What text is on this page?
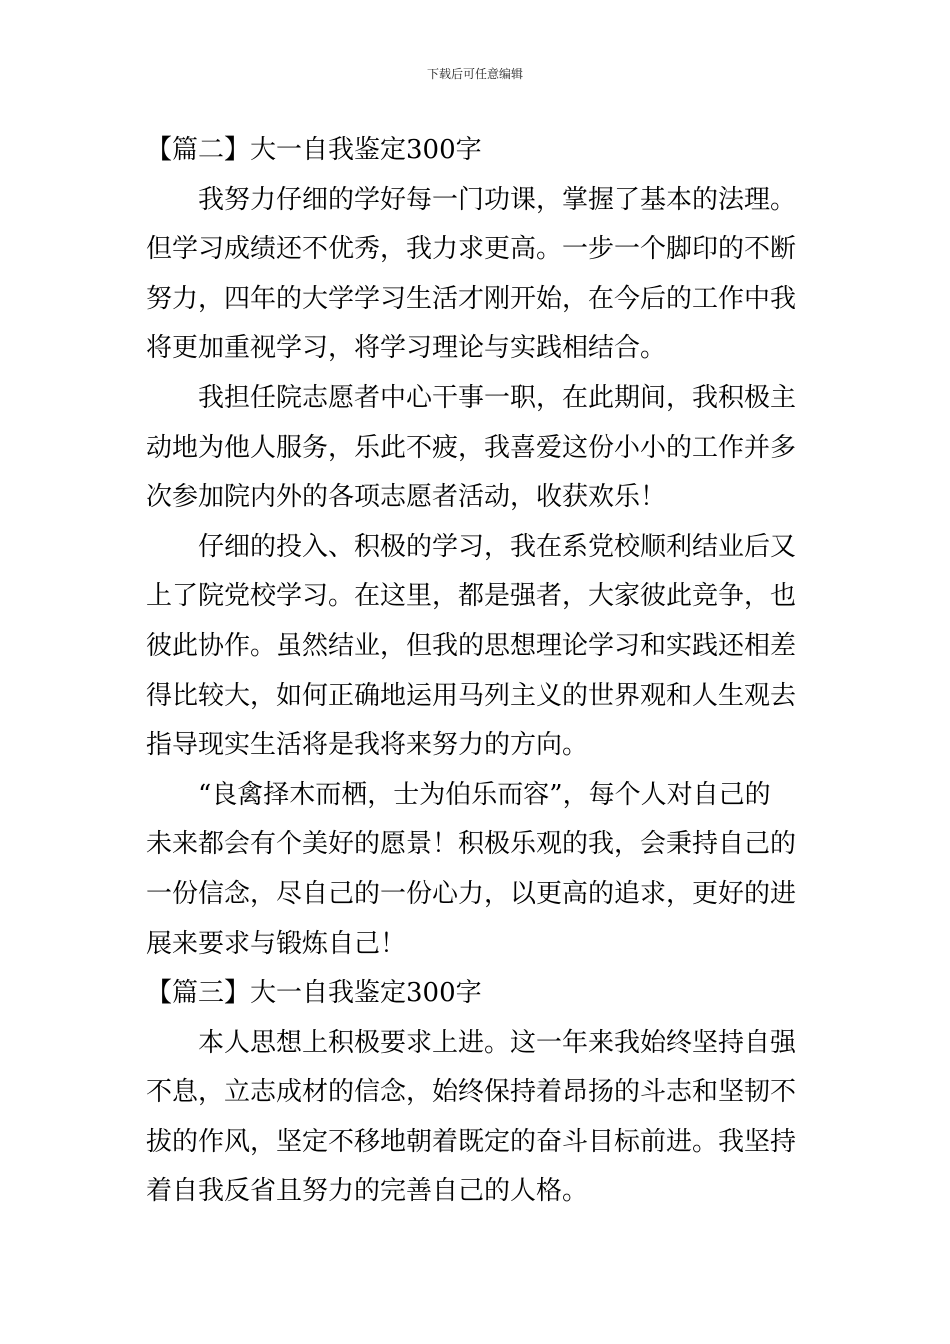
下载后可任意编辑
【篇二】大一自我鉴定300字
我努力仔细的学好每一门功课，掌握了基本的法理。
但学习成绩还不优秀，我力求更高。一步一个脚印的不断
努力，四年的大学学习生活才刚开始，在今后的工作中我
将更加重视学习，将学习理论与实践相结合。
我担任院志愿者中心干事一职，在此期间，我积极主
动地为他人服务，乐此不疲，我喜爱这份小小的工作并多
次参加院内外的各项志愿者活动，收获欢乐！
仔细的投入、积极的学习，我在系党校顺利结业后又
上了院党校学习。在这里，都是强者，大家彼此竞争，也
彼此协作。虽然结业，但我的思想理论学习和实践还相差
得比较大，如何正确地运用马列主义的世界观和人生观去
指导现实生活将是我将来努力的方向。
“良禽择木而栖，士为伯乐而容”，每个人对自己的
未来都会有个美好的愿景！积极乐观的我，会秉持自己的
一份信念，尽自己的一份心力，以更高的追求，更好的进
展来要求与锻炼自己！
【篇三】大一自我鉴定300字
本人思想上积极要求上进。这一年来我始终坚持自强
不息，立志成材的信念，始终保持着昂扬的斗志和坚韧不
拔的作风，坚定不移地朝着既定的奋斗目标前进。我坚持
着自我反省且努力的完善自己的人格。
